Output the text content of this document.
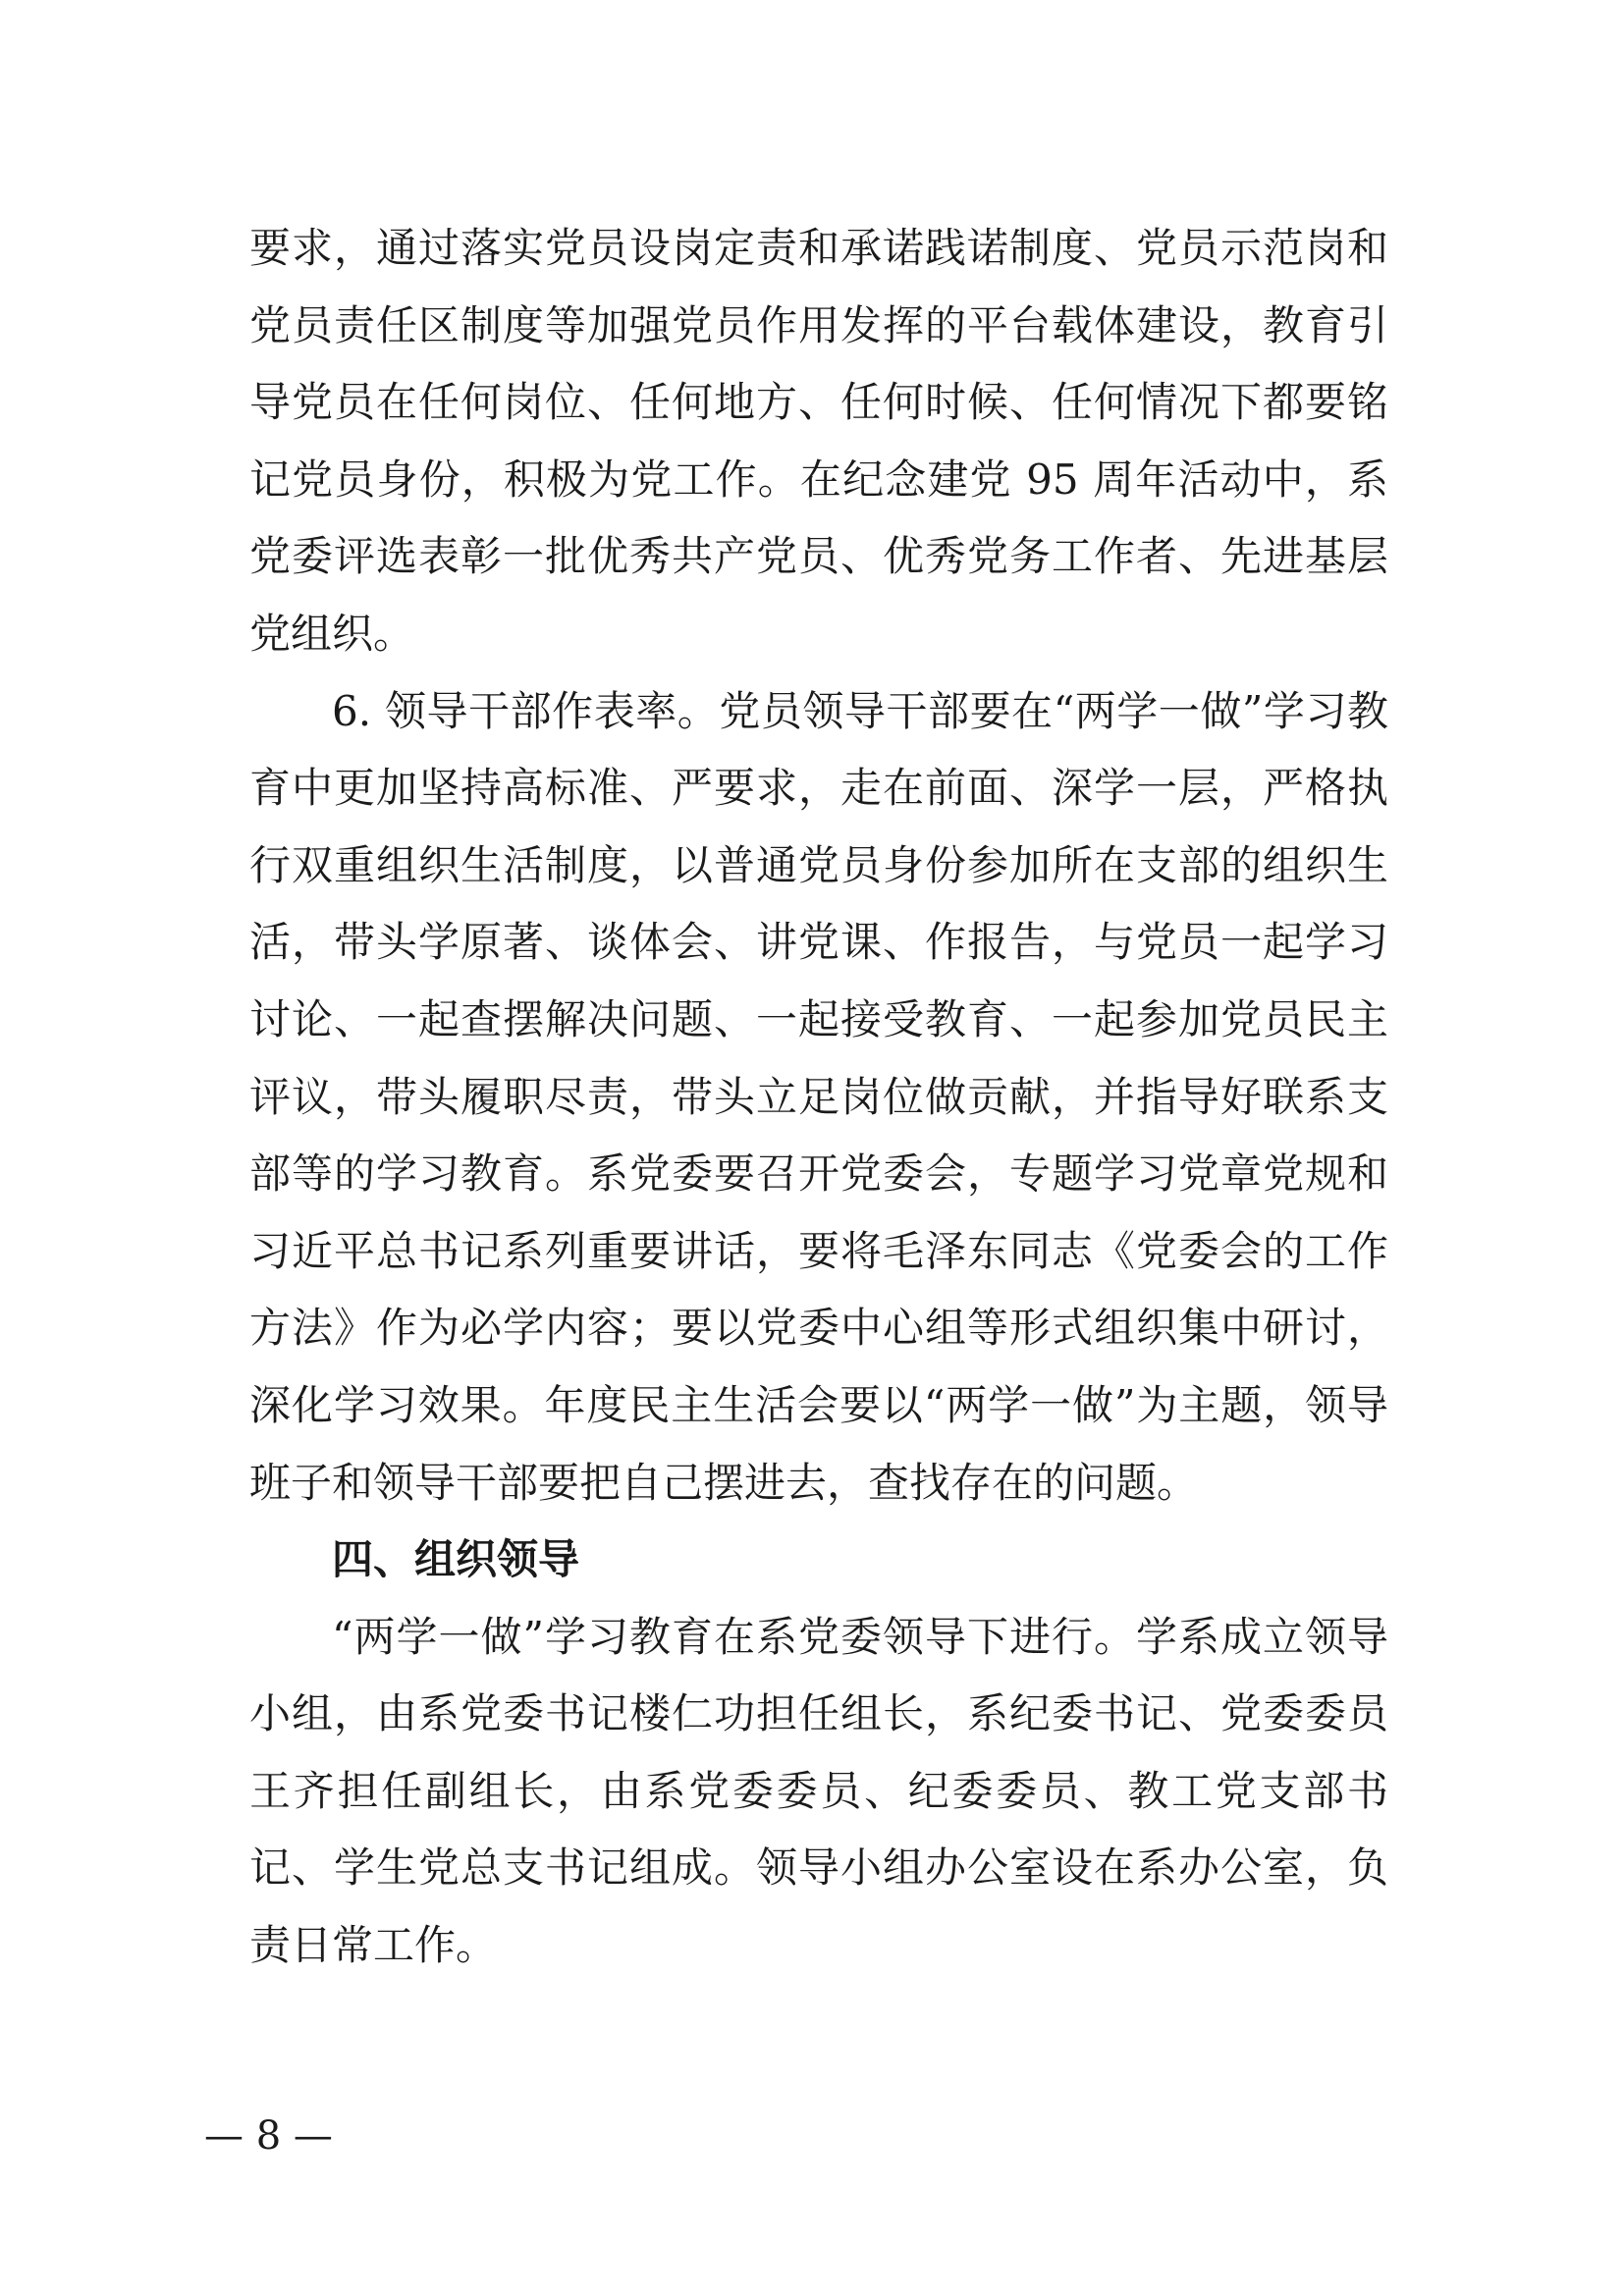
要求，通过落实党员设岗定责和承诺践诺制度、党员示范岗和党员责任区制度等加强党员作用发挥的平台载体建设，教育引导党员在任何岗位、任何地方、任何时候、任何情况下都要铭记党员身份，积极为党工作。在纪念建党 95 周年活动中，系党委评选表彰一批优秀共产党员、优秀党务工作者、先进基层党组织。

6. 领导干部作表率。党员领导干部要在“两学一做”学习教育中更加坚持高标准、严要求，走在前面、深学一层，严格执行双重组织生活制度，以普通党员身份参加所在支部的组织生活，带头学原著、谈体会、讲党课、作报告，与党员一起学习讨论、一起查摆解决问题、一起接受教育、一起参加党员民主评议，带头履职尽责，带头立足岗位做贡献，并指导好联系支部等的学习教育。系党委要召开党委会，专题学习党章党规和习近平总书记系列重要讲话，要将毛泽东同志《党委会的工作方法》作为必学内容；要以党委中心组等形式组织集中研讨，深化学习效果。年度民主生活会要以“两学一做”为主题，领导班子和领导干部要把自己摆进去，查找存在的问题。

四、组织领导

“两学一做”学习教育在系党委领导下进行。学系成立领导小组，由系党委书记楼仁功担任组长，系纪委书记、党委委员王齐担任副组长，由系党委委员、纪委委员、教工党支部书记、学生党总支书记组成。领导小组办公室设在系办公室，负责日常工作。

— 8 —
